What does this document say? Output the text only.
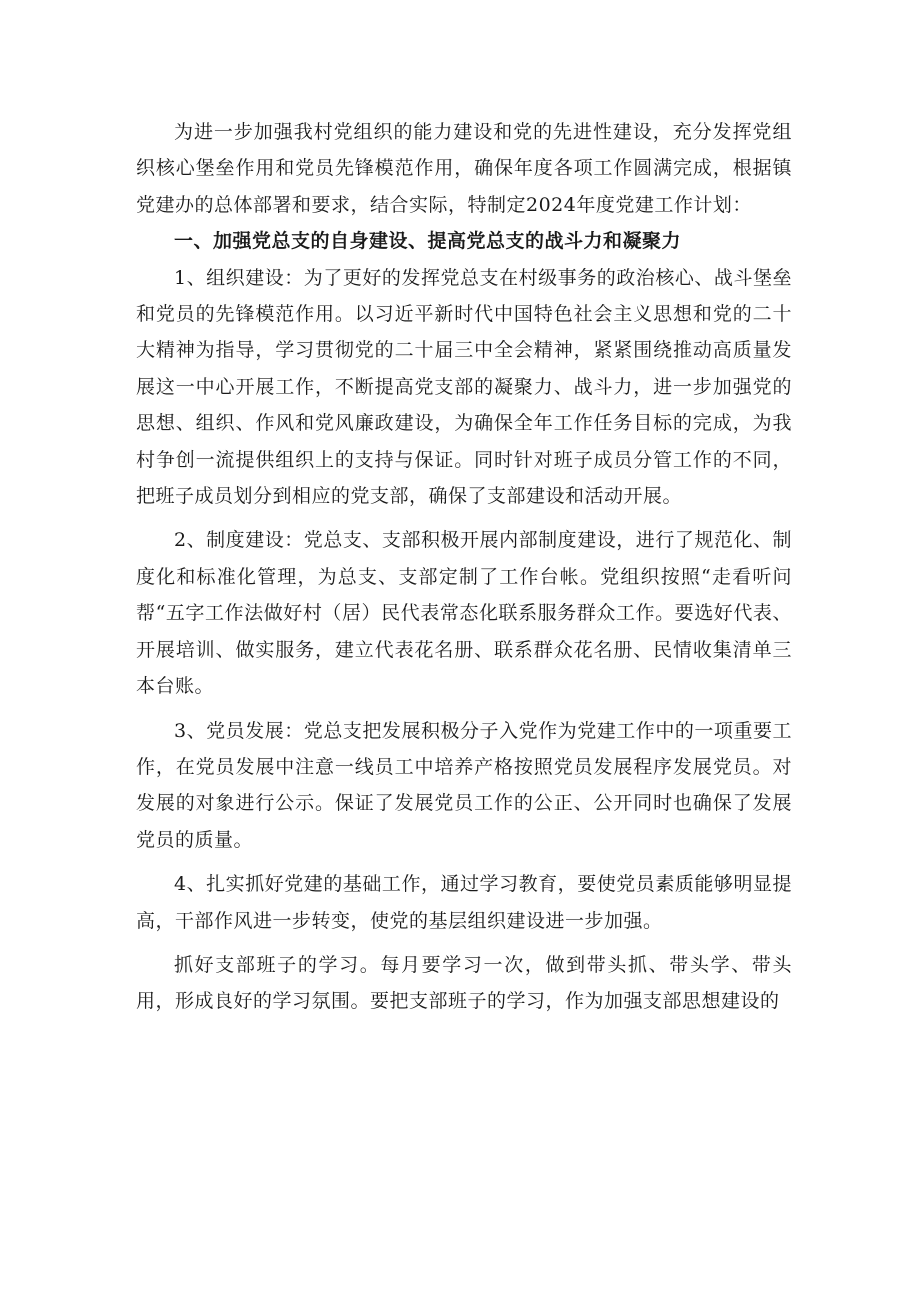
为进一步加强我村党组织的能力建设和党的先进性建设，充分发挥党组织核心堡垒作用和党员先锋模范作用，确保年度各项工作圆满完成，根据镇党建办的总体部署和要求，结合实际，特制定2024年度党建工作计划：

一、加强党总支的自身建设、提高党总支的战斗力和凝聚力

1、组织建设：为了更好的发挥党总支在村级事务的政治核心、战斗堡垒和党员的先锋模范作用。以习近平新时代中国特色社会主义思想和党的二十大精神为指导，学习贯彻党的二十届三中全会精神，紧紧围绕推动高质量发展这一中心开展工作，不断提高党支部的凝聚力、战斗力，进一步加强党的思想、组织、作风和党风廉政建设，为确保全年工作任务目标的完成，为我村争创一流提供组织上的支持与保证。同时针对班子成员分管工作的不同，把班子成员划分到相应的党支部，确保了支部建设和活动开展。

2、制度建设：党总支、支部积极开展内部制度建设，进行了规范化、制度化和标准化管理，为总支、支部定制了工作台帐。党组织按照“走看听问帮“五字工作法做好村（居）民代表常态化联系服务群众工作。要选好代表、开展培训、做实服务，建立代表花名册、联系群众花名册、民情收集清单三本台账。

3、党员发展：党总支把发展积极分子入党作为党建工作中的一项重要工作，在党员发展中注意一线员工中培养产格按照党员发展程序发展党员。对发展的对象进行公示。保证了发展党员工作的公正、公开同时也确保了发展党员的质量。

4、扎实抓好党建的基础工作，通过学习教育，要使党员素质能够明显提高，干部作风进一步转变，使党的基层组织建设进一步加强。

抓好支部班子的学习。每月要学习一次，做到带头抓、带头学、带头用，形成良好的学习氛围。要把支部班子的学习，作为加强支部思想建设的
